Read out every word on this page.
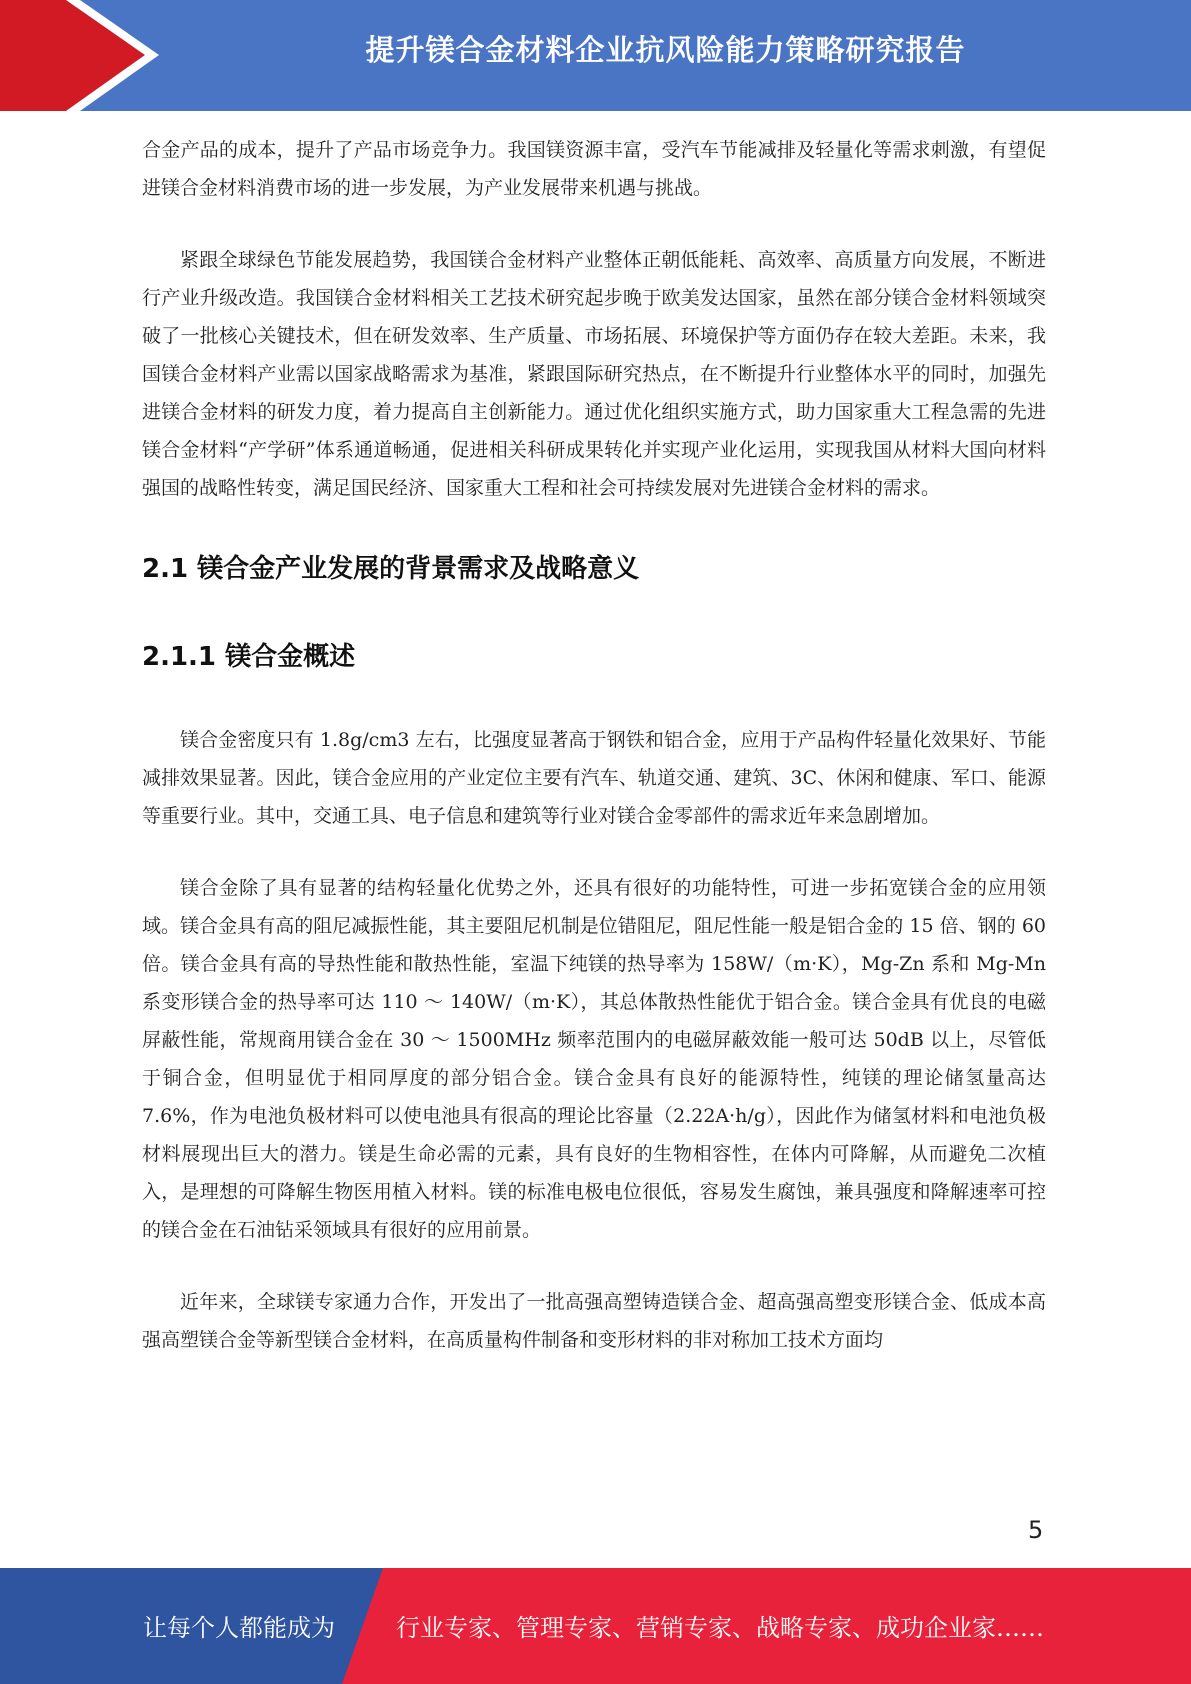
提升镁合金材料企业抗风险能力策略研究报告

合金产品的成本，提升了产品市场竞争力。我国镁资源丰富，受汽车节能减排及轻量化等需求刺激，有望促进镁合金材料消费市场的进一步发展，为产业发展带来机遇与挑战。

紧跟全球绿色节能发展趋势，我国镁合金材料产业整体正朝低能耗、高效率、高质量方向发展，不断进行产业升级改造。我国镁合金材料相关工艺技术研究起步晚于欧美发达国家，虽然在部分镁合金材料领域突破了一批核心关键技术，但在研发效率、生产质量、市场拓展、环境保护等方面仍存在较大差距。未来，我国镁合金材料产业需以国家战略需求为基准，紧跟国际研究热点，在不断提升行业整体水平的同时，加强先进镁合金材料的研发力度，着力提高自主创新能力。通过优化组织实施方式，助力国家重大工程急需的先进镁合金材料“产学研”体系通道畅通，促进相关科研成果转化并实现产业化运用，实现我国从材料大国向材料强国的战略性转变，满足国民经济、国家重大工程和社会可持续发展对先进镁合金材料的需求。

2.1 镁合金产业发展的背景需求及战略意义
2.1.1 镁合金概述

镁合金密度只有 1.8g/cm3 左右，比强度显著高于钢铁和铝合金，应用于产品构件轻量化效果好、节能减排效果显著。因此，镁合金应用的产业定位主要有汽车、轨道交通、建筑、3C、休闲和健康、军口、能源等重要行业。其中，交通工具、电子信息和建筑等行业对镁合金零部件的需求近年来急剧增加。

镁合金除了具有显著的结构轻量化优势之外，还具有很好的功能特性，可进一步拓宽镁合金的应用领域。镁合金具有高的阻尼减振性能，其主要阻尼机制是位错阻尼，阻尼性能一般是铝合金的 15 倍、钢的 60 倍。镁合金具有高的导热性能和散热性能，室温下纯镁的热导率为 158W/（m·K），Mg-Zn 系和 Mg-Mn 系变形镁合金的热导率可达 110 ～ 140W/（m·K），其总体散热性能优于铝合金。镁合金具有优良的电磁屏蔽性能，常规商用镁合金在 30 ～ 1500MHz 频率范围内的电磁屏蔽效能一般可达 50dB 以上，尽管低于铜合金，但明显优于相同厚度的部分铝合金。镁合金具有良好的能源特性，纯镁的理论储氢量高达 7.6%，作为电池负极材料可以使电池具有很高的理论比容量（2.22A·h/g），因此作为储氢材料和电池负极材料展现出巨大的潜力。镁是生命必需的元素，具有良好的生物相容性，在体内可降解，从而避免二次植入，是理想的可降解生物医用植入材料。镁的标准电极电位很低，容易发生腐蚀，兼具强度和降解速率可控的镁合金在石油钻采领域具有很好的应用前景。

近年来，全球镁专家通力合作，开发出了一批高强高塑铸造镁合金、超高强高塑变形镁合金、低成本高强高塑镁合金等新型镁合金材料，在高质量构件制备和变形材料的非对称加工技术方面均

5
让每个人都能成为	行业专家、管理专家、营销专家、战略专家、成功企业家……
